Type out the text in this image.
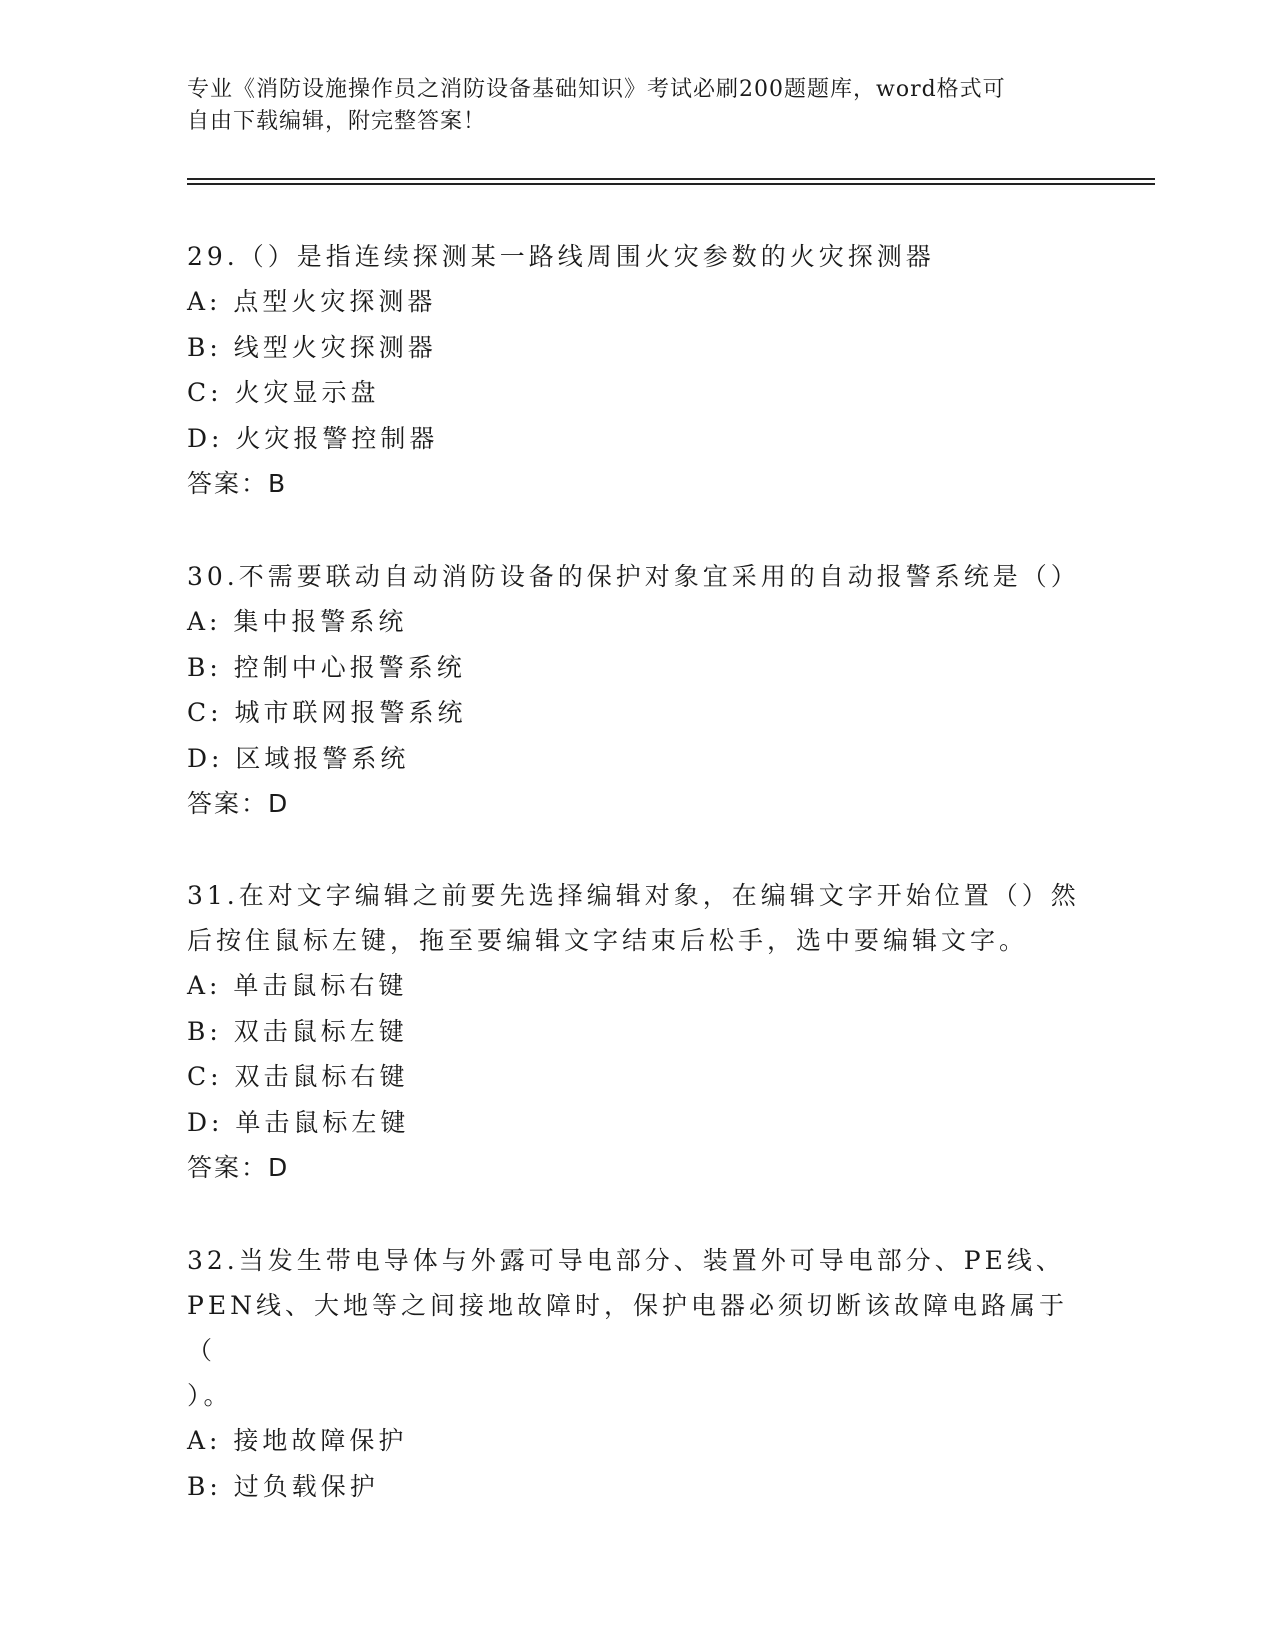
专业《消防设施操作员之消防设备基础知识》考试必刷200题题库，word格式可
自由下载编辑，附完整答案！
29.（）是指连续探测某一路线周围火灾参数的火灾探测器
A: 点型火灾探测器
B: 线型火灾探测器
C: 火灾显示盘
D: 火灾报警控制器
答案：B
30.不需要联动自动消防设备的保护对象宜采用的自动报警系统是（）
A: 集中报警系统
B: 控制中心报警系统
C: 城市联网报警系统
D: 区域报警系统
答案：D
31.在对文字编辑之前要先选择编辑对象，在编辑文字开始位置（）然
后按住鼠标左键，拖至要编辑文字结束后松手，选中要编辑文字。
A: 单击鼠标右键
B: 双击鼠标左键
C: 双击鼠标右键
D: 单击鼠标左键
答案：D
32.当发生带电导体与外露可导电部分、装置外可导电部分、PE线、
PEN线、大地等之间接地故障时，保护电器必须切断该故障电路属于（
）。
A: 接地故障保护
B: 过负载保护
